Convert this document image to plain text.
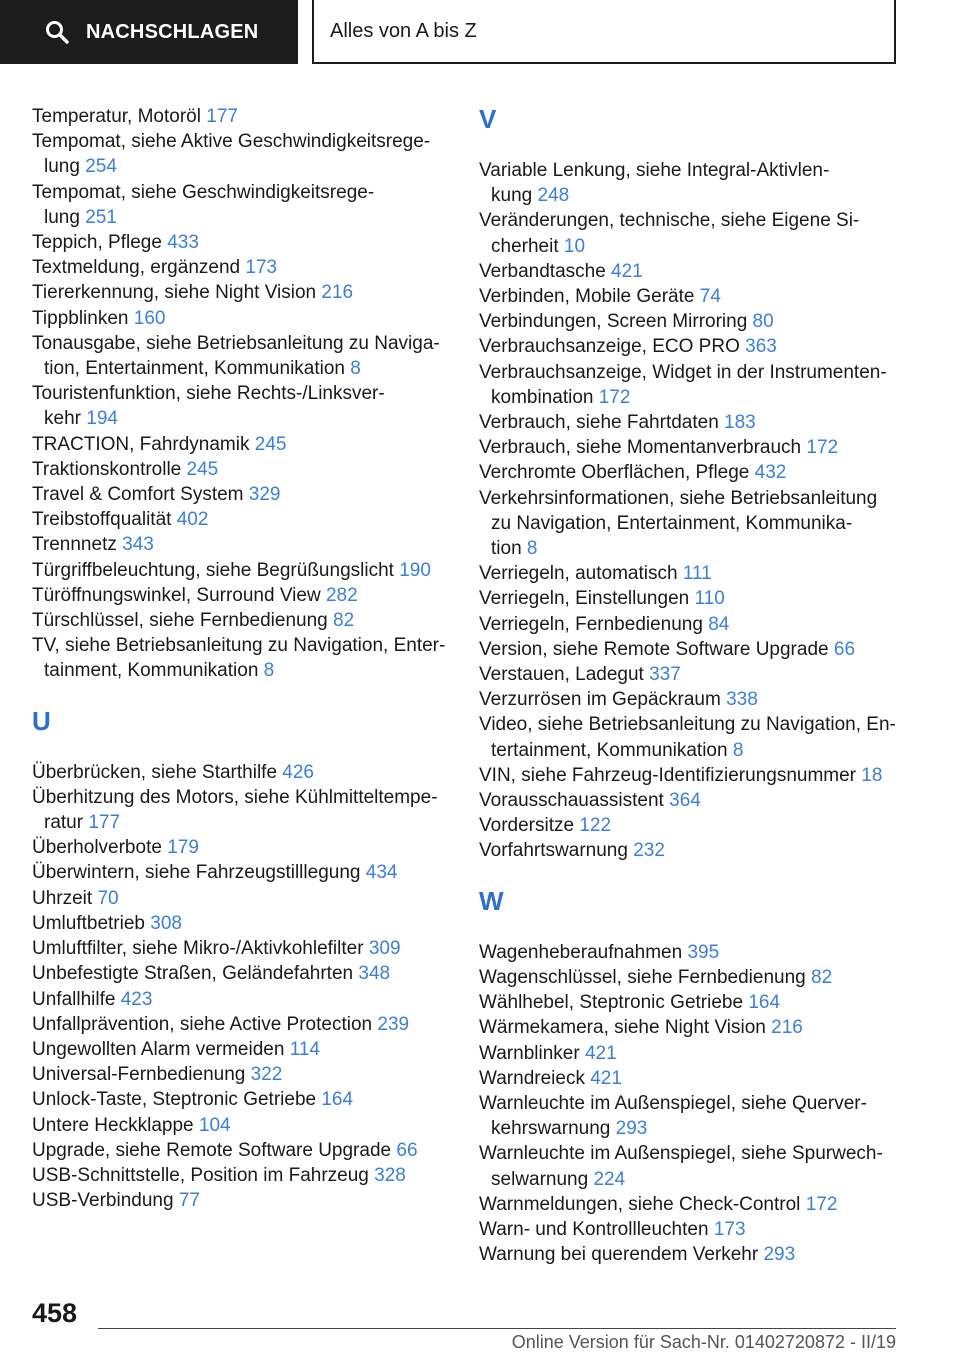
NACHSCHLAGEN	Alles von A bis Z
Temperatur, Motoröl 177
Tempomat, siehe Aktive Geschwindigkeitsrege-
lung 254
Tempomat, siehe Geschwindigkeitsrege-
lung 251
Teppich, Pflege 433
Textmeldung, ergänzend 173
Tiererkennung, siehe Night Vision 216
Tippblinken 160
Tonausgabe, siehe Betriebsanleitung zu Naviga-
tion, Entertainment, Kommunikation 8
Touristenfunktion, siehe Rechts-/Linksver-
kehr 194
TRACTION, Fahrdynamik 245
Traktionskontrolle 245
Travel & Comfort System 329
Treibstoffqualität 402
Trennnetz 343
Türgriffbeleuchtung, siehe Begrüßungslicht 190
Türöffnungswinkel, Surround View 282
Türschlüssel, siehe Fernbedienung 82
TV, siehe Betriebsanleitung zu Navigation, Enter-
tainment, Kommunikation 8
U
Überbrücken, siehe Starthilfe 426
Überhitzung des Motors, siehe Kühlmitteltempe-
ratur 177
Überholverbote 179
Überwintern, siehe Fahrzeugstilllegung 434
Uhrzeit 70
Umluftbetrieb 308
Umluftfilter, siehe Mikro-/Aktivkohlefilter 309
Unbefestigte Straßen, Geländefahrten 348
Unfallhilfe 423
Unfallprävention, siehe Active Protection 239
Ungewollten Alarm vermeiden 114
Universal-Fernbedienung 322
Unlock-Taste, Steptronic Getriebe 164
Untere Heckklappe 104
Upgrade, siehe Remote Software Upgrade 66
USB-Schnittstelle, Position im Fahrzeug 328
USB-Verbindung 77
V
Variable Lenkung, siehe Integral-Aktivlen-
kung 248
Veränderungen, technische, siehe Eigene Si-
cherheit 10
Verbandtasche 421
Verbinden, Mobile Geräte 74
Verbindungen, Screen Mirroring 80
Verbrauchsanzeige, ECO PRO 363
Verbrauchsanzeige, Widget in der Instrumenten-
kombination 172
Verbrauch, siehe Fahrtdaten 183
Verbrauch, siehe Momentanverbrauch 172
Verchromte Oberflächen, Pflege 432
Verkehrsinformationen, siehe Betriebsanleitung
zu Navigation, Entertainment, Kommunika-
tion 8
Verriegeln, automatisch 111
Verriegeln, Einstellungen 110
Verriegeln, Fernbedienung 84
Version, siehe Remote Software Upgrade 66
Verstauen, Ladegut 337
Verzurrösen im Gepäckraum 338
Video, siehe Betriebsanleitung zu Navigation, En-
tertainment, Kommunikation 8
VIN, siehe Fahrzeug-Identifizierungsnummer 18
Vorausschauassistent 364
Vordersitze 122
Vorfahrtswarnung 232
W
Wagenheberaufnahmen 395
Wagenschlüssel, siehe Fernbedienung 82
Wählhebel, Steptronic Getriebe 164
Wärmekamera, siehe Night Vision 216
Warnblinker 421
Warndreieck 421
Warnleuchte im Außenspiegel, siehe Querver-
kehrswarnung 293
Warnleuchte im Außenspiegel, siehe Spurwech-
selwarnung 224
Warnmeldungen, siehe Check-Control 172
Warn- und Kontrollleuchten 173
Warnung bei querendem Verkehr 293
458
Online Version für Sach-Nr. 01402720872 - II/19
